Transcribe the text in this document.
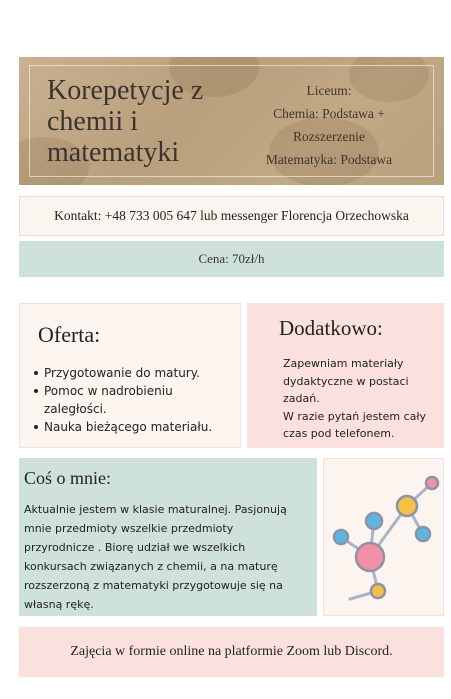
Korepetycje z
chemii i
matematyki
Liceum:
Chemia: Podstawa +
Rozszerzenie
Matematyka: Podstawa
Kontakt: +48 733 005 647 lub messenger Florencja Orzechowska
Cena: 70zł/h
Oferta:
Przygotowanie do matury.
Pomoc w nadrobieniu zaległości.
Nauka bieżącego materiału.
Dodatkowo:
Zapewniam materiały
dydaktyczne w postaci
zadań.
W razie pytań jestem cały
czas pod telefonem.
Coś o mnie:
Aktualnie jestem w klasie maturalnej. Pasjonują
mnie przedmioty wszelkie przedmioty
przyrodnicze . Biorę udział we wszelkich
konkursach związanych z chemii, a na maturę
rozszerzoną z matematyki przygotowuje się na
własną rękę.
Zajęcia w formie online na platformie Zoom lub Discord.
